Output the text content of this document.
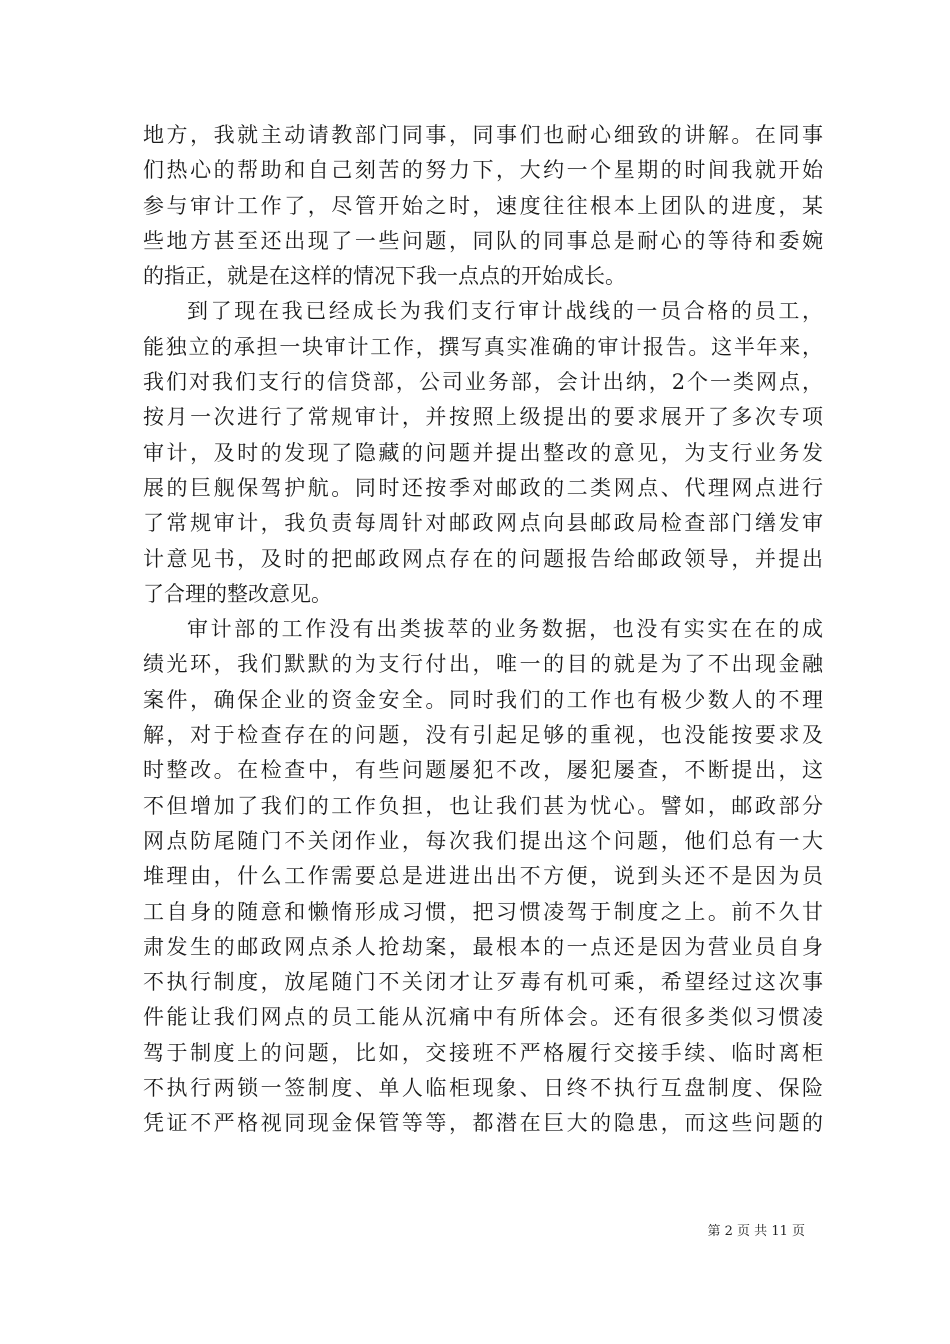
地方，我就主动请教部门同事，同事们也耐心细致的讲解。在同事
们热心的帮助和自己刻苦的努力下，大约一个星期的时间我就开始
参与审计工作了，尽管开始之时，速度往往根本上团队的进度，某
些地方甚至还出现了一些问题，同队的同事总是耐心的等待和委婉
的指正，就是在这样的情况下我一点点的开始成长。
到了现在我已经成长为我们支行审计战线的一员合格的员工，
能独立的承担一块审计工作，撰写真实准确的审计报告。这半年来，
我们对我们支行的信贷部，公司业务部，会计出纳，2个一类网点，
按月一次进行了常规审计，并按照上级提出的要求展开了多次专项
审计，及时的发现了隐藏的问题并提出整改的意见，为支行业务发
展的巨舰保驾护航。同时还按季对邮政的二类网点、代理网点进行
了常规审计，我负责每周针对邮政网点向县邮政局检查部门缮发审
计意见书，及时的把邮政网点存在的问题报告给邮政领导，并提出
了合理的整改意见。
审计部的工作没有出类拔萃的业务数据，也没有实实在在的成
绩光环，我们默默的为支行付出，唯一的目的就是为了不出现金融
案件，确保企业的资金安全。同时我们的工作也有极少数人的不理
解，对于检查存在的问题，没有引起足够的重视，也没能按要求及
时整改。在检查中，有些问题屡犯不改，屡犯屡查，不断提出，这
不但增加了我们的工作负担，也让我们甚为忧心。譬如，邮政部分
网点防尾随门不关闭作业，每次我们提出这个问题，他们总有一大
堆理由，什么工作需要总是进进出出不方便，说到头还不是因为员
工自身的随意和懒惰形成习惯，把习惯凌驾于制度之上。前不久甘
肃发生的邮政网点杀人抢劫案，最根本的一点还是因为营业员自身
不执行制度，放尾随门不关闭才让歹毒有机可乘，希望经过这次事
件能让我们网点的员工能从沉痛中有所体会。还有很多类似习惯凌
驾于制度上的问题，比如，交接班不严格履行交接手续、临时离柜
不执行两锁一签制度、单人临柜现象、日终不执行互盘制度、保险
凭证不严格视同现金保管等等，都潜在巨大的隐患，而这些问题的
第 2 页 共 11 页
